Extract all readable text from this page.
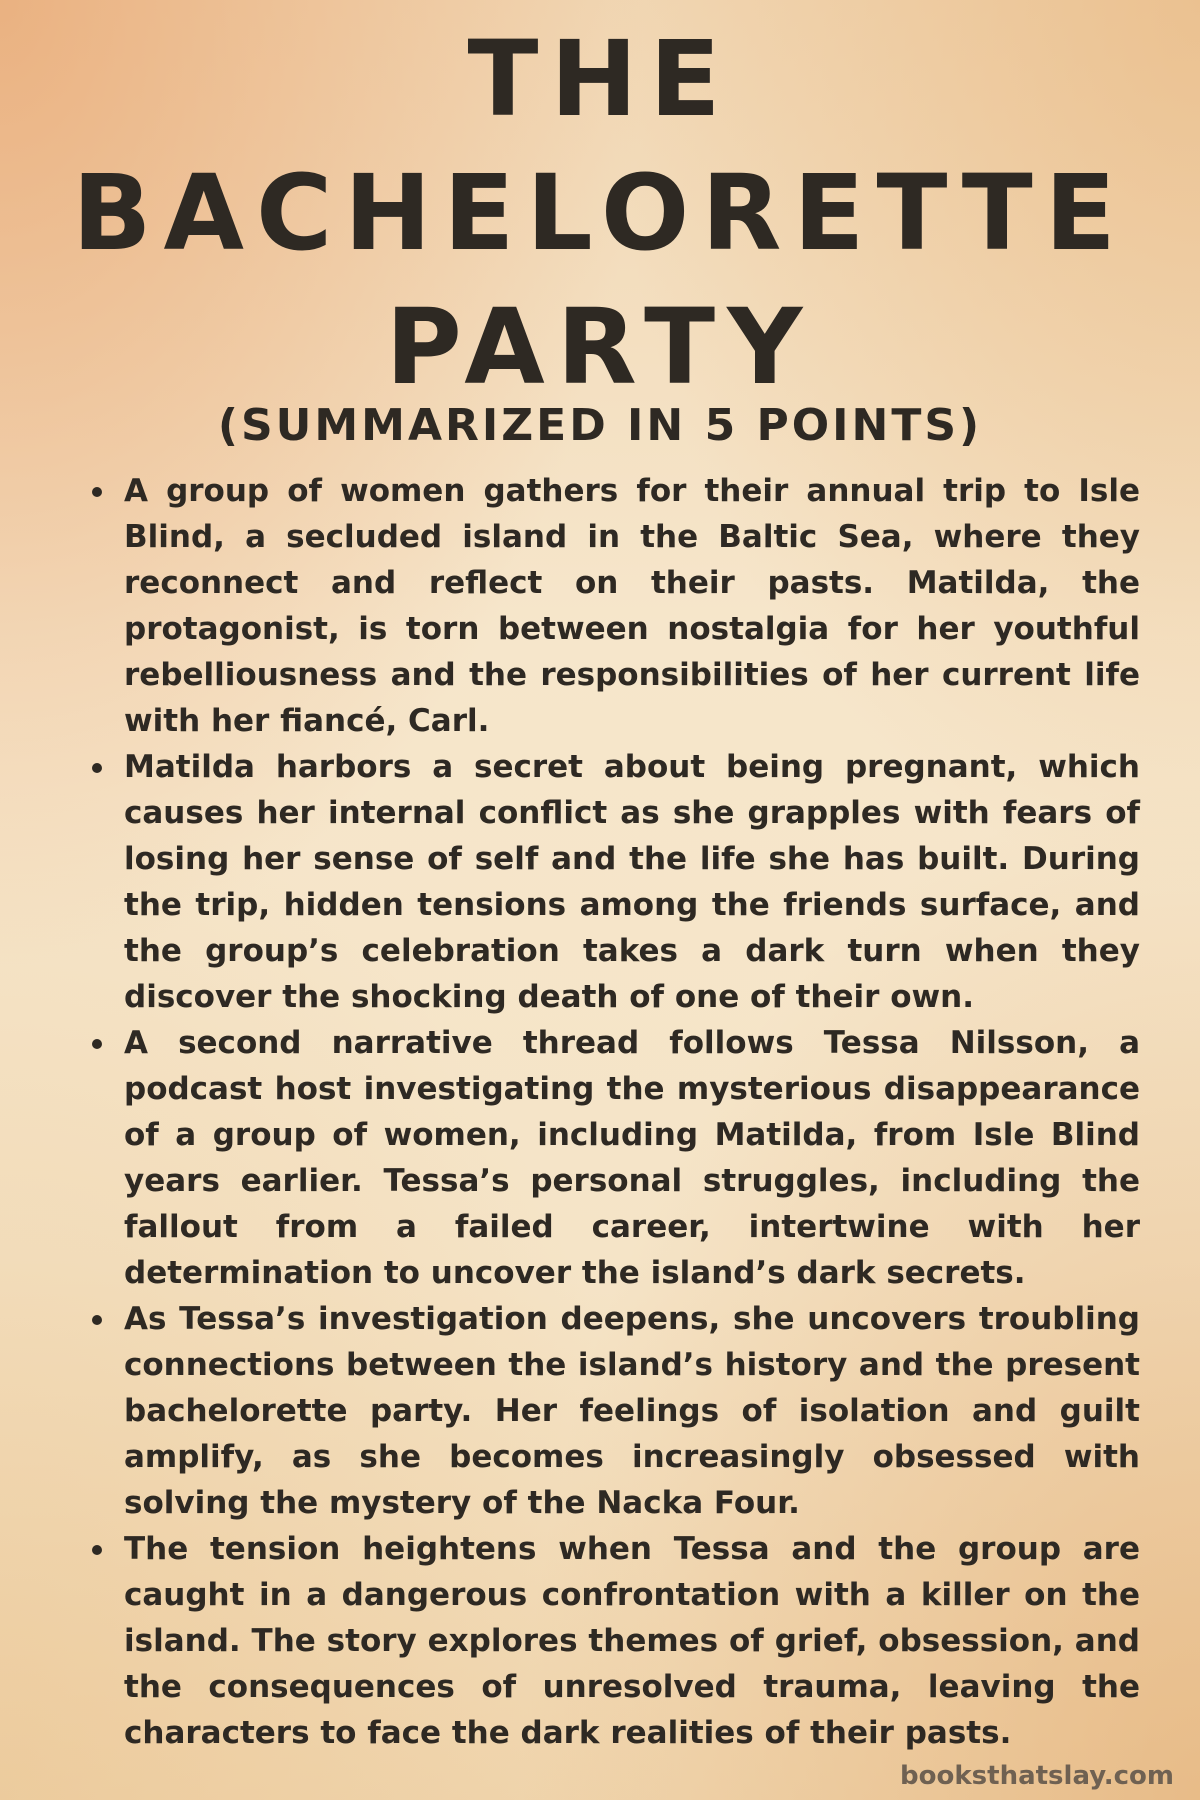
THE
BACHELORETTE
PARTY
(SUMMARIZED IN 5 POINTS)
A group of women gathers for their annual trip to Isle Blind, a secluded island in the Baltic Sea, where they reconnect and reflect on their pasts. Matilda, the protagonist, is torn between nostalgia for her youthful rebelliousness and the responsibilities of her current life with her fiancé, Carl.
Matilda harbors a secret about being pregnant, which causes her internal conflict as she grapples with fears of losing her sense of self and the life she has built. During the trip, hidden tensions among the friends surface, and the group’s celebration takes a dark turn when they discover the shocking death of one of their own.
A second narrative thread follows Tessa Nilsson, a podcast host investigating the mysterious disappearance of a group of women, including Matilda, from Isle Blind years earlier. Tessa’s personal struggles, including the fallout from a failed career, intertwine with her determination to uncover the island’s dark secrets.
As Tessa’s investigation deepens, she uncovers troubling connections between the island’s history and the present bachelorette party. Her feelings of isolation and guilt amplify, as she becomes increasingly obsessed with solving the mystery of the Nacka Four.
The tension heightens when Tessa and the group are caught in a dangerous confrontation with a killer on the island. The story explores themes of grief, obsession, and the consequences of unresolved trauma, leaving the characters to face the dark realities of their pasts.
booksthatslay.com
